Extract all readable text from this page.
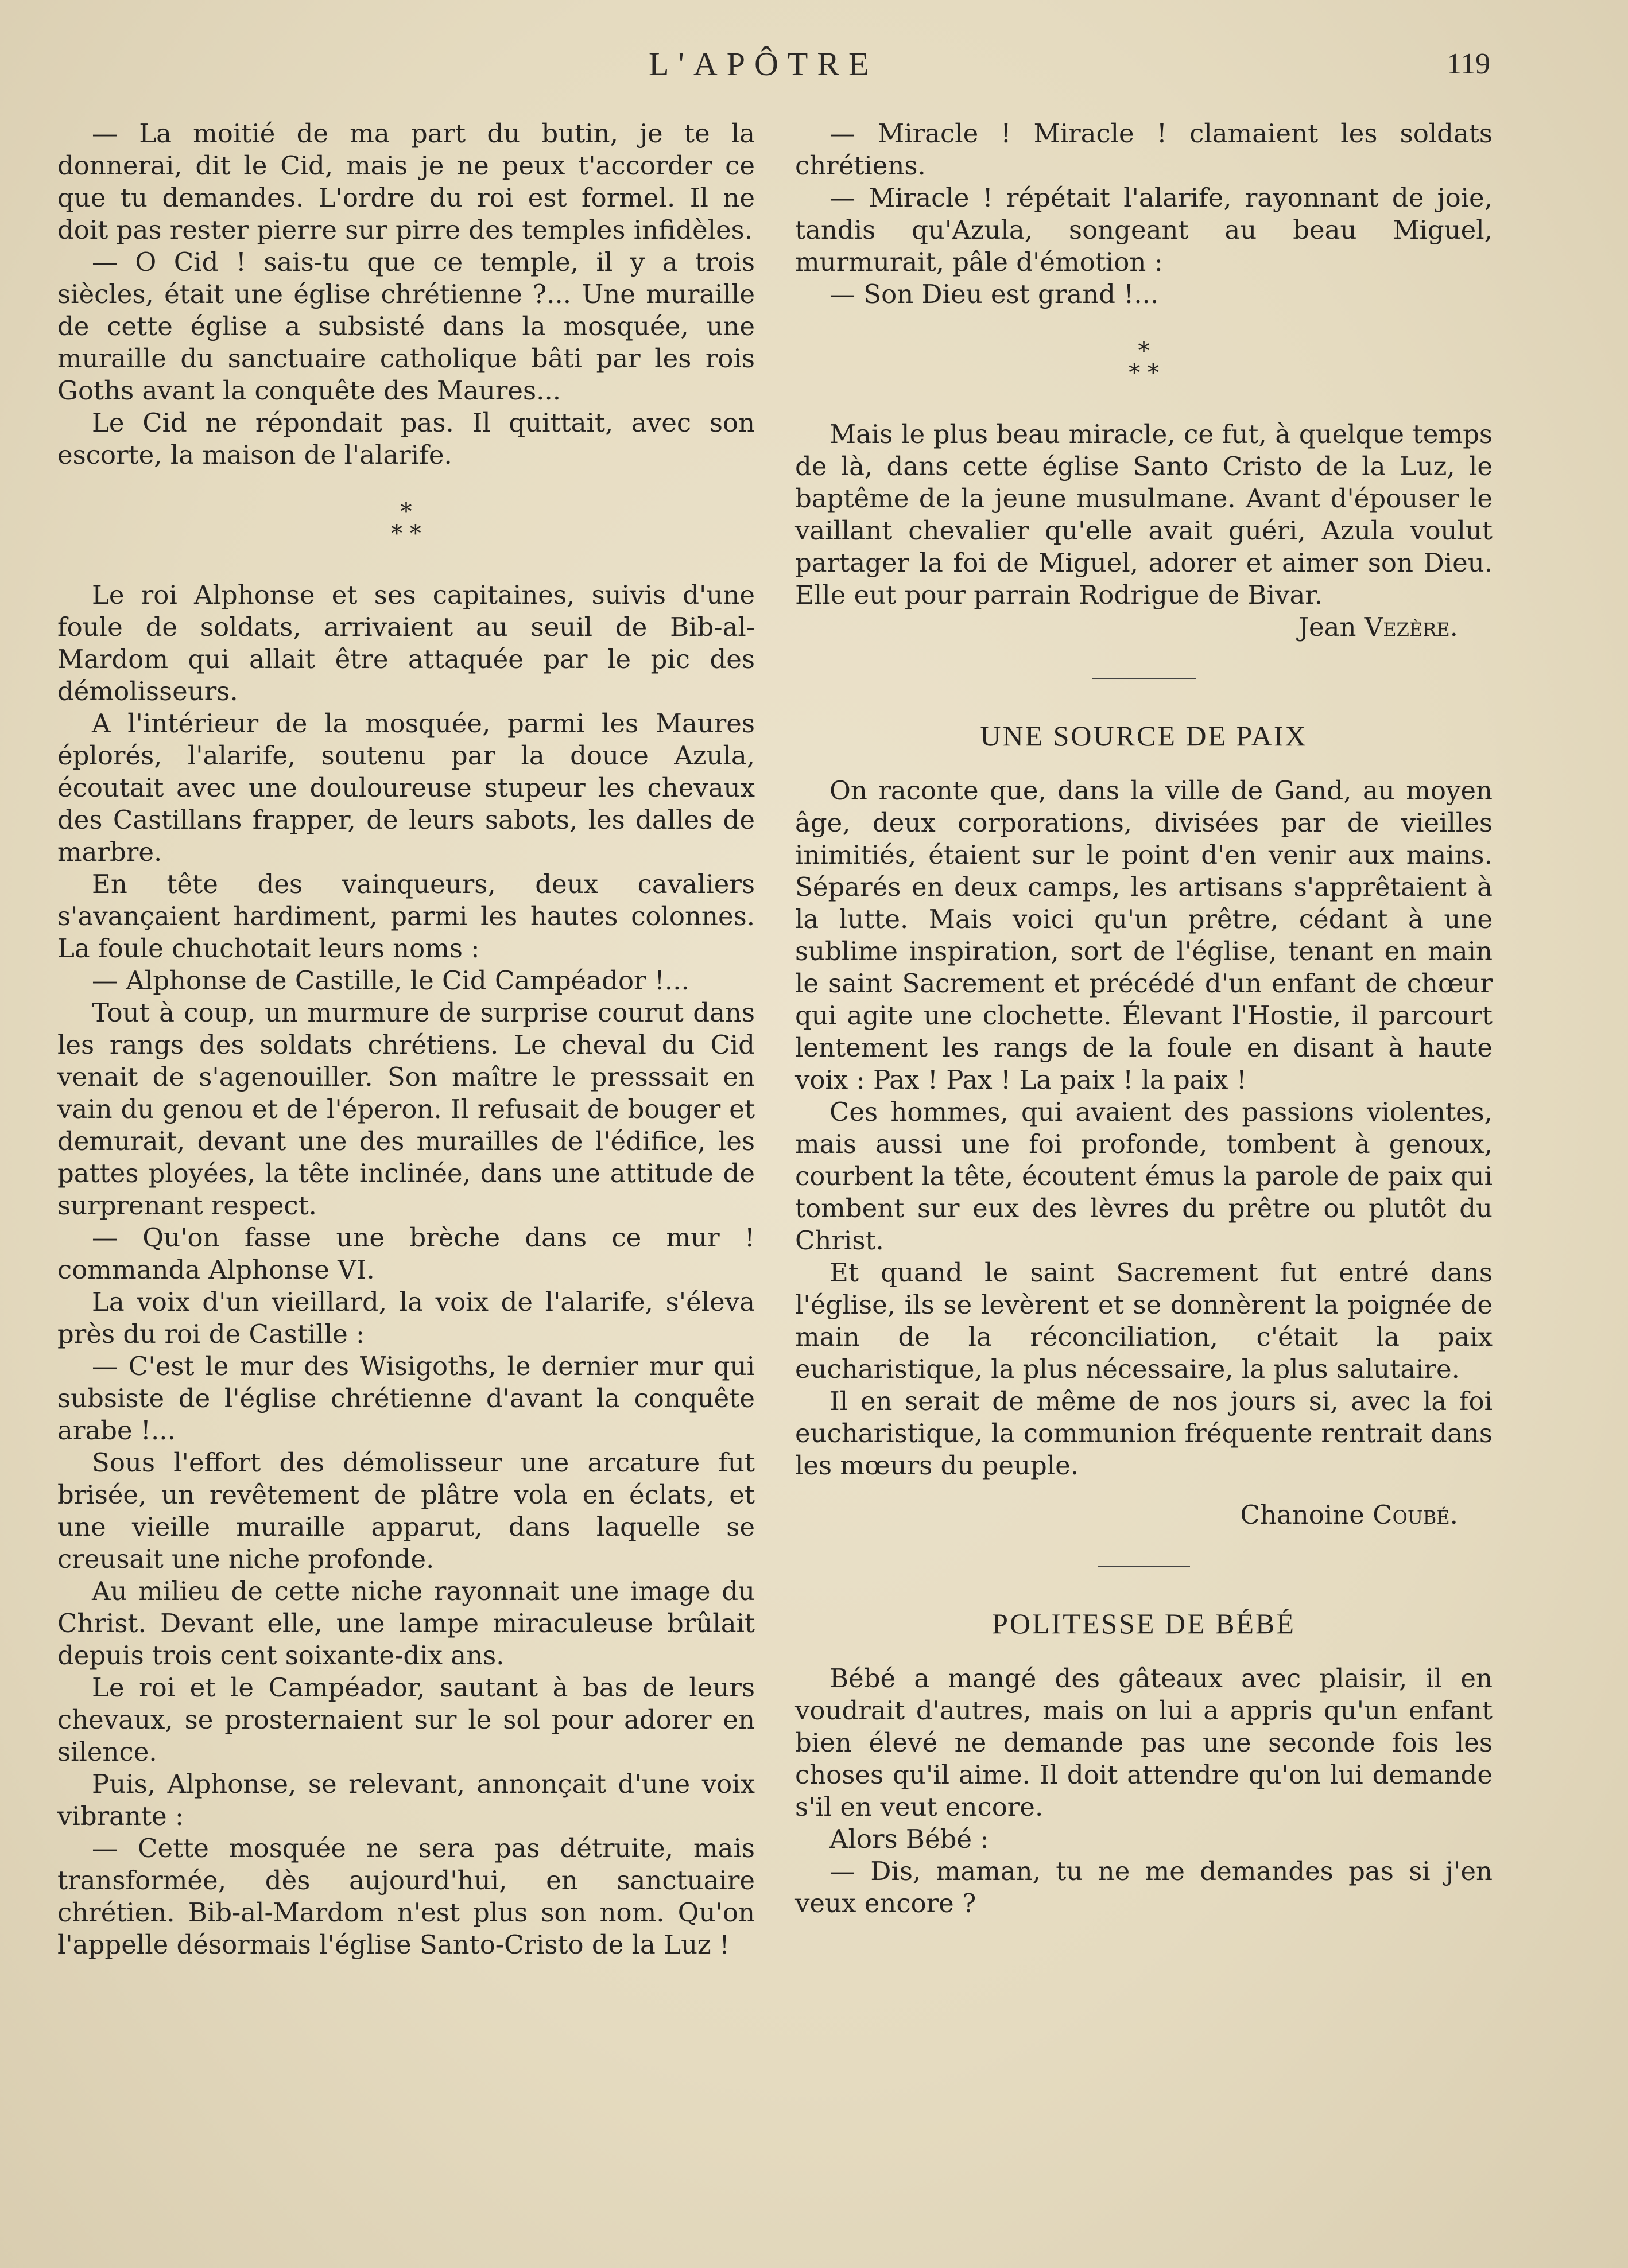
L'APÔTRE	119

— La moitié de ma part du butin, je te la donnerai, dit le Cid, mais je ne peux t'accorder ce que tu demandes. L'ordre du roi est formel. Il ne doit pas rester pierre sur pirre des temples infidèles.

— O Cid ! sais-tu que ce temple, il y a trois siècles, était une église chrétienne ?... Une muraille de cette église a subsisté dans la mosquée, une muraille du sanctuaire catholique bâti par les rois Goths avant la conquête des Maures...

Le Cid ne répondait pas. Il quittait, avec son escorte, la maison de l'alarife.

*
* *

Le roi Alphonse et ses capitaines, suivis d'une foule de soldats, arrivaient au seuil de Bib-al-Mardom qui allait être attaquée par le pic des démolisseurs.

A l'intérieur de la mosquée, parmi les Maures éplorés, l'alarife, soutenu par la douce Azula, écoutait avec une douloureuse stupeur les chevaux des Castillans frapper, de leurs sabots, les dalles de marbre.

En tête des vainqueurs, deux cavaliers s'avançaient hardiment, parmi les hautes colonnes. La foule chuchotait leurs noms :

— Alphonse de Castille, le Cid Campéador !...

Tout à coup, un murmure de surprise courut dans les rangs des soldats chrétiens. Le cheval du Cid venait de s'agenouiller. Son maître le presssait en vain du genou et de l'éperon. Il refusait de bouger et demurait, devant une des murailles de l'édifice, les pattes ployées, la tête inclinée, dans une attitude de surprenant respect.

— Qu'on fasse une brèche dans ce mur ! commanda Alphonse VI.

La voix d'un vieillard, la voix de l'alarife, s'éleva près du roi de Castille :

— C'est le mur des Wisigoths, le dernier mur qui subsiste de l'église chrétienne d'avant la conquête arabe !...

Sous l'effort des démolisseur une arcature fut brisée, un revêtement de plâtre vola en éclats, et une vieille muraille apparut, dans laquelle se creusait une niche profonde.

Au milieu de cette niche rayonnait une image du Christ. Devant elle, une lampe miraculeuse brûlait depuis trois cent soixante-dix ans.

Le roi et le Campéador, sautant à bas de leurs chevaux, se prosternaient sur le sol pour adorer en silence.

Puis, Alphonse, se relevant, annonçait d'une voix vibrante :

— Cette mosquée ne sera pas détruite, mais transformée, dès aujourd'hui, en sanctuaire chrétien. Bib-al-Mardom n'est plus son nom. Qu'on l'appelle désormais l'église Santo-Cristo de la Luz !

— Miracle ! Miracle ! clamaient les soldats chrétiens.

— Miracle ! répétait l'alarife, rayonnant de joie, tandis qu'Azula, songeant au beau Miguel, murmurait, pâle d'émotion :

— Son Dieu est grand !...

*
* *

Mais le plus beau miracle, ce fut, à quelque temps de là, dans cette église Santo Cristo de la Luz, le baptême de la jeune musulmane. Avant d'épouser le vaillant chevalier qu'elle avait guéri, Azula voulut partager la foi de Miguel, adorer et aimer son Dieu. Elle eut pour parrain Rodrigue de Bivar.

Jean Vezère.

UNE SOURCE DE PAIX

On raconte que, dans la ville de Gand, au moyen âge, deux corporations, divisées par de vieilles inimitiés, étaient sur le point d'en venir aux mains. Séparés en deux camps, les artisans s'apprêtaient à la lutte. Mais voici qu'un prêtre, cédant à une sublime inspiration, sort de l'église, tenant en main le saint Sacrement et précédé d'un enfant de chœur qui agite une clochette. Élevant l'Hostie, il parcourt lentement les rangs de la foule en disant à haute voix : Pax ! Pax ! La paix ! la paix !

Ces hommes, qui avaient des passions violentes, mais aussi une foi profonde, tombent à genoux, courbent la tête, écoutent émus la parole de paix qui tombent sur eux des lèvres du prêtre ou plutôt du Christ.

Et quand le saint Sacrement fut entré dans l'église, ils se levèrent et se donnèrent la poignée de main de la réconciliation, c'était la paix eucharistique, la plus nécessaire, la plus salutaire.

Il en serait de même de nos jours si, avec la foi eucharistique, la communion fréquente rentrait dans les mœurs du peuple.

Chanoine Coubé.

POLITESSE DE BÉBÉ

Bébé a mangé des gâteaux avec plaisir, il en voudrait d'autres, mais on lui a appris qu'un enfant bien élevé ne demande pas une seconde fois les choses qu'il aime. Il doit attendre qu'on lui demande s'il en veut encore.

Alors Bébé :

— Dis, maman, tu ne me demandes pas si j'en veux encore ?
